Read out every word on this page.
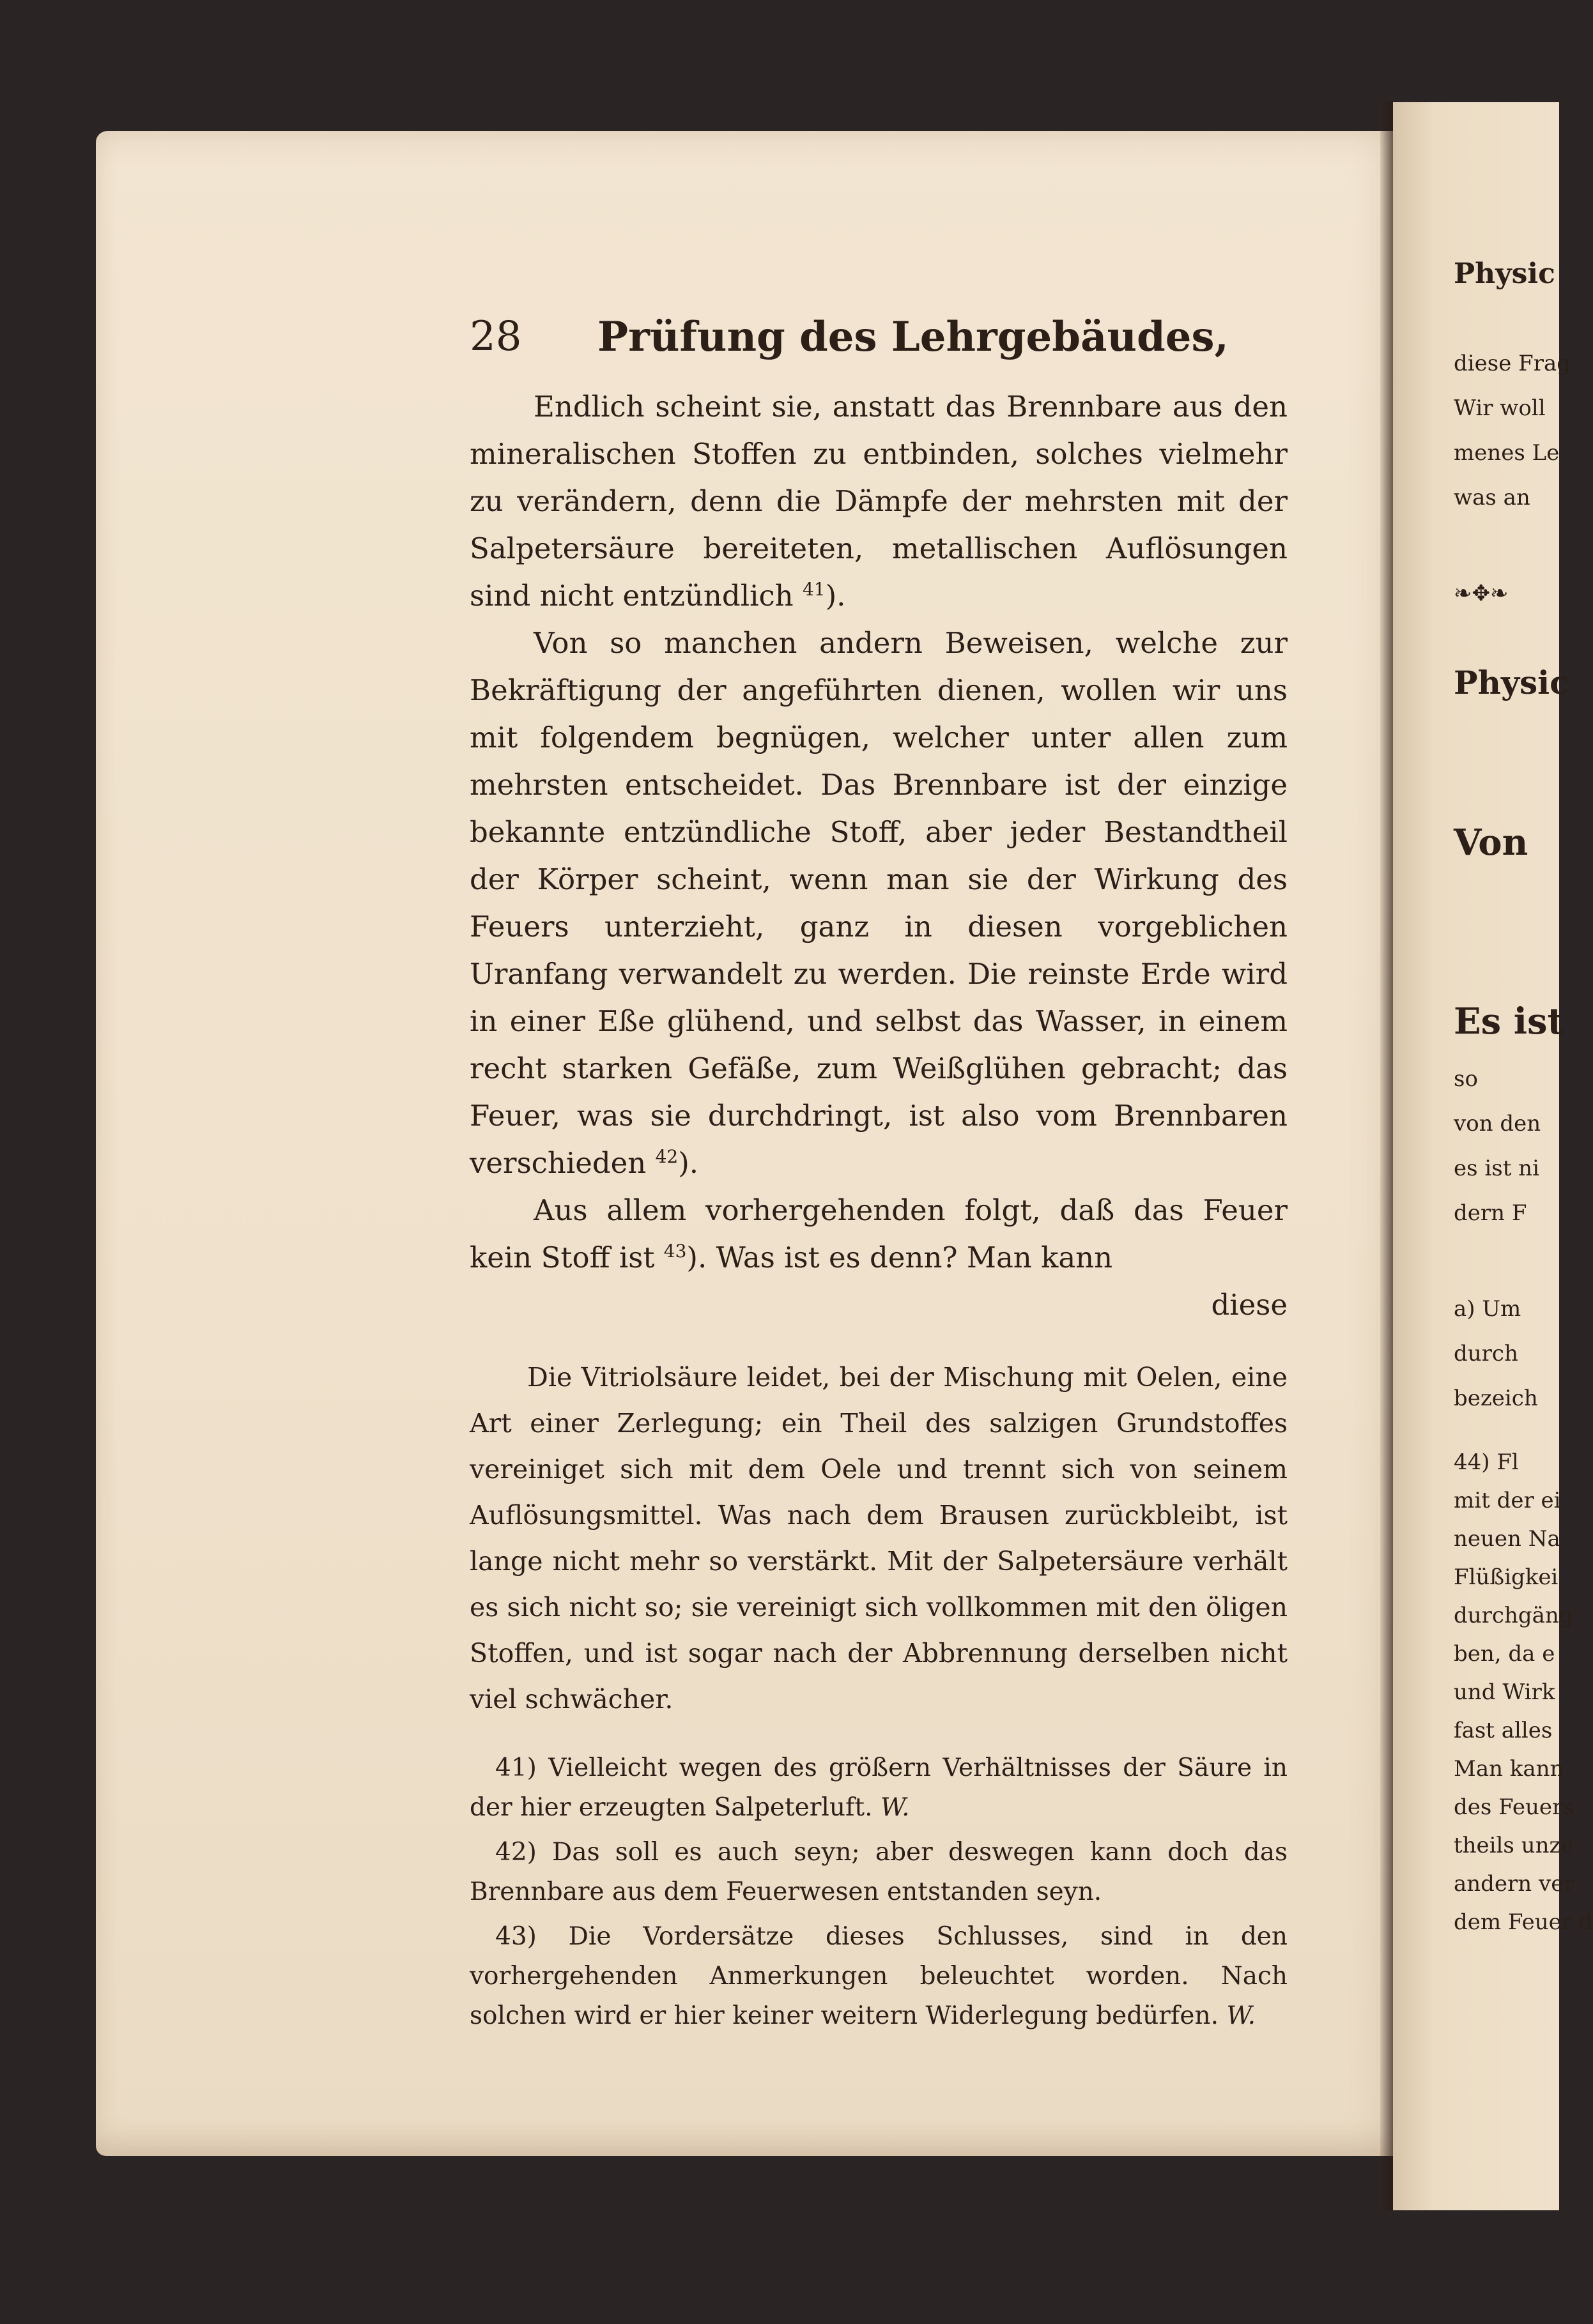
28 Prüfung des Lehrgebäudes,

Endlich scheint sie, anstatt das Brennbare aus den mineralischen Stoffen zu entbinden, solches vielmehr zu verändern, denn die Dämpfe der mehrsten mit der Salpetersäure bereiteten, metallischen Auflösungen sind nicht entzündlich $^{41}$).

Von so manchen andern Beweisen, welche zur Bekräftigung der angeführten dienen, wollen wir uns mit folgendem begnügen, welcher unter allen zum mehrsten entscheidet. Das Brennbare ist der einzige bekannte entzündliche Stoff, aber jeder Bestandtheil der Körper scheint, wenn man sie der Wirkung des Feuers unterzieht, ganz in diesen vorgeblichen Uranfang verwandelt zu werden. Die reinste Erde wird in einer Eße glühend, und selbst das Wasser, in einem recht starken Gefäße, zum Weißglühen gebracht; das Feuer, was sie durchdringt, ist also vom Brennbaren verschieden $^{42}$).

Aus allem vorhergehenden folgt, daß das Feuer kein Stoff ist $^{43}$). Was ist es denn? Man kann

diese

Die Vitriolsäure leidet, bei der Mischung mit Oelen, eine Art einer Zerlegung; ein Theil des salzigen Grundstoffes vereiniget sich mit dem Oele und trennt sich von seinem Auflösungsmittel. Was nach dem Brausen zurückbleibt, ist lange nicht mehr so verstärkt. Mit der Salpetersäure verhält es sich nicht so; sie vereinigt sich vollkommen mit den öligen Stoffen, und ist sogar nach der Abbrennung derselben nicht viel schwächer.

41) Vielleicht wegen des größern Verhältnisses der Säure in der hier erzeugten Salpeterluft. W.

42) Das soll es auch seyn; aber deswegen kann doch das Brennbare aus dem Feuerwesen entstanden seyn.

43) Die Vordersätze dieses Schlusses, sind in den vorhergehenden Anmerkungen beleuchtet worden. Nach solchen wird er hier keiner weitern Widerlegung bedürfen. W.

Physic
diese Frag
Wir woll
menes Le
was an
❧✥❧
Physic
Von
Es ist
so
von den
es ist ni
dern F
a) Um
durch
bezeich
44) Fl
mit der ei
neuen Na
Flüßigkei
durchgäng
ben, da e
und Wirk
fast alles
Man kann
des Feuers
theils unze
andern ver
dem Feuer d
